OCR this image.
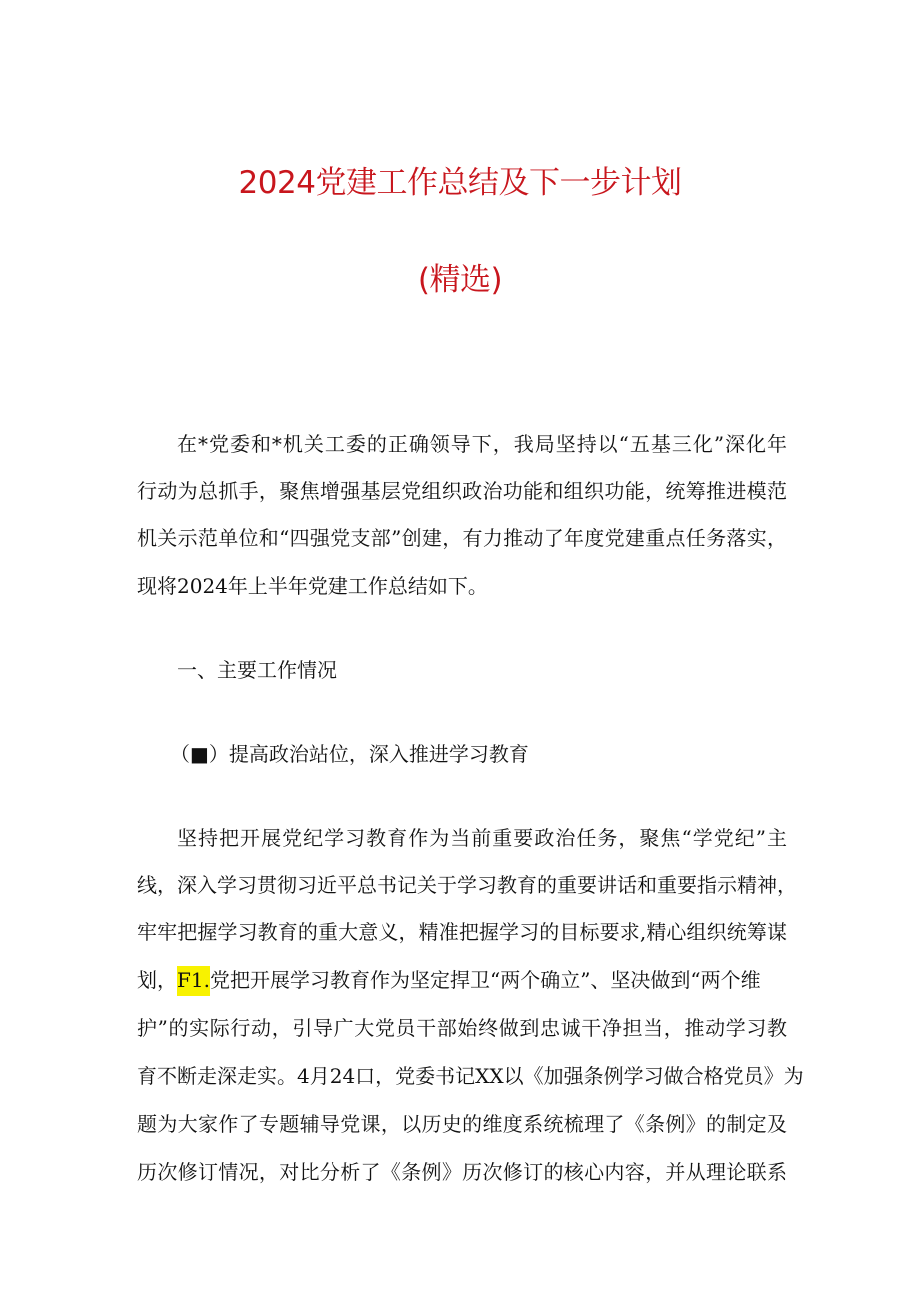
2024党建工作总结及下一步计划
(精选)
在*党委和*机关工委的正确领导下，我局坚持以“五基三化”深化年
行动为总抓手，聚焦增强基层党组织政治功能和组织功能，统筹推进模范
机关示范单位和“四强党支部”创建，有力推动了年度党建重点任务落实，
现将2024年上半年党建工作总结如下。
一、主要工作情况
（■）提高政治站位，深入推进学习教育
坚持把开展党纪学习教育作为当前重要政治任务，聚焦“学党纪”主
线，深入学习贯彻习近平总书记关于学习教育的重要讲话和重要指示精神，
牢牢把握学习教育的重大意义，精准把握学习的目标要求,精心组织统筹谋
划，F1.党把开展学习教育作为坚定捍卫“两个确立”、坚决做到“两个维
护”的实际行动，引导广大党员干部始终做到忠诚干净担当，推动学习教
育不断走深走实。4月24口，党委书记XX以《加强条例学习做合格党员》为
题为大家作了专题辅导党课，以历史的维度系统梳理了《条例》的制定及
历次修订情况，对比分析了《条例》历次修订的核心内容，并从理论联系
